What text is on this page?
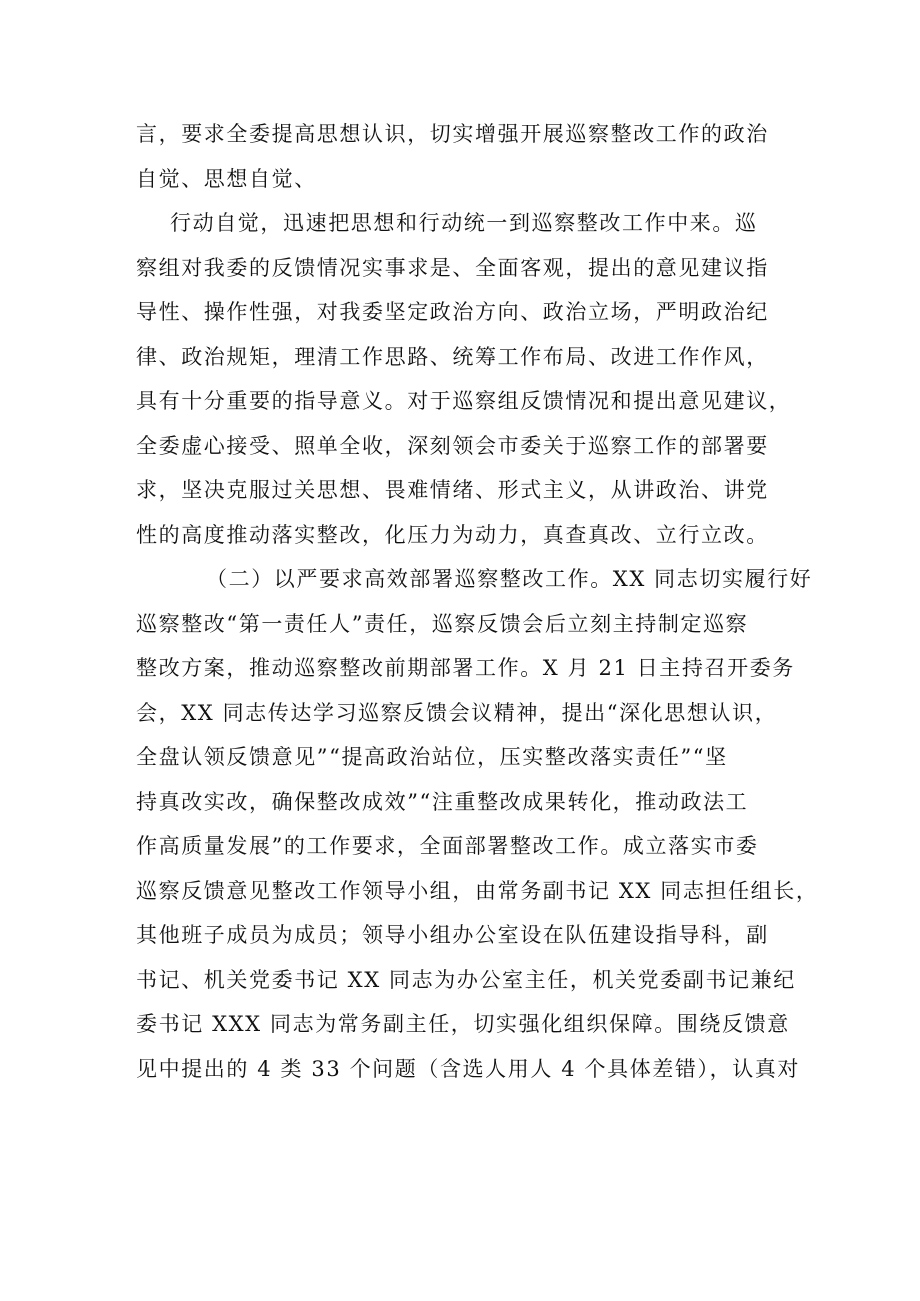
言，要求全委提高思想认识，切实增强开展巡察整改工作的政治
自觉、思想自觉、
行动自觉，迅速把思想和行动统一到巡察整改工作中来。巡
察组对我委的反馈情况实事求是、全面客观，提出的意见建议指
导性、操作性强，对我委坚定政治方向、政治立场，严明政治纪
律、政治规矩，理清工作思路、统筹工作布局、改进工作作风，
具有十分重要的指导意义。对于巡察组反馈情况和提出意见建议，
全委虚心接受、照单全收，深刻领会市委关于巡察工作的部署要
求，坚决克服过关思想、畏难情绪、形式主义，从讲政治、讲党
性的高度推动落实整改，化压力为动力，真查真改、立行立改。
（二）以严要求高效部署巡察整改工作。XX 同志切实履行好
巡察整改“第一责任人”责任，巡察反馈会后立刻主持制定巡察
整改方案，推动巡察整改前期部署工作。X 月 21 日主持召开委务
会，XX 同志传达学习巡察反馈会议精神，提出“深化思想认识，
全盘认领反馈意见”“提高政治站位，压实整改落实责任”“坚
持真改实改，确保整改成效”“注重整改成果转化，推动政法工
作高质量发展”的工作要求，全面部署整改工作。成立落实市委
巡察反馈意见整改工作领导小组，由常务副书记 XX 同志担任组长，
其他班子成员为成员；领导小组办公室设在队伍建设指导科，副
书记、机关党委书记 XX 同志为办公室主任，机关党委副书记兼纪
委书记 XXX 同志为常务副主任，切实强化组织保障。围绕反馈意
见中提出的 4 类 33 个问题（含选人用人 4 个具体差错），认真对
